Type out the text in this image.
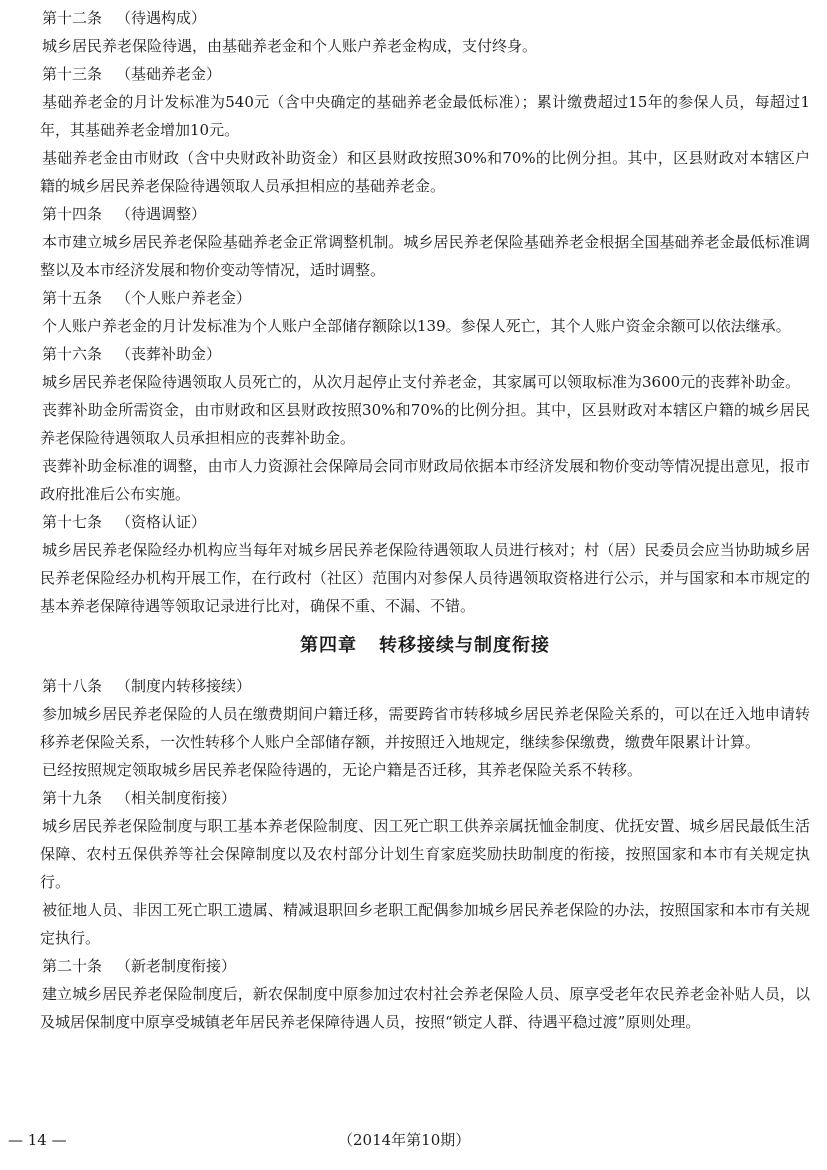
第十二条 （待遇构成）

城乡居民养老保险待遇，由基础养老金和个人账户养老金构成，支付终身。

第十三条 （基础养老金）

基础养老金的月计发标准为540元（含中央确定的基础养老金最低标准）；累计缴费超过15年的参保人员，每超过1年，其基础养老金增加10元。

基础养老金由市财政（含中央财政补助资金）和区县财政按照30%和70%的比例分担。其中，区县财政对本辖区户籍的城乡居民养老保险待遇领取人员承担相应的基础养老金。

第十四条 （待遇调整）

本市建立城乡居民养老保险基础养老金正常调整机制。城乡居民养老保险基础养老金根据全国基础养老金最低标准调整以及本市经济发展和物价变动等情况，适时调整。

第十五条 （个人账户养老金）

个人账户养老金的月计发标准为个人账户全部储存额除以139。参保人死亡，其个人账户资金余额可以依法继承。

第十六条 （丧葬补助金）

城乡居民养老保险待遇领取人员死亡的，从次月起停止支付养老金，其家属可以领取标准为3600元的丧葬补助金。

丧葬补助金所需资金，由市财政和区县财政按照30%和70%的比例分担。其中，区县财政对本辖区户籍的城乡居民养老保险待遇领取人员承担相应的丧葬补助金。

丧葬补助金标准的调整，由市人力资源社会保障局会同市财政局依据本市经济发展和物价变动等情况提出意见，报市政府批准后公布实施。

第十七条 （资格认证）

城乡居民养老保险经办机构应当每年对城乡居民养老保险待遇领取人员进行核对；村（居）民委员会应当协助城乡居民养老保险经办机构开展工作，在行政村（社区）范围内对参保人员待遇领取资格进行公示，并与国家和本市规定的基本养老保障待遇等领取记录进行比对，确保不重、不漏、不错。

第四章 转移接续与制度衔接
第十八条 （制度内转移接续）

参加城乡居民养老保险的人员在缴费期间户籍迁移，需要跨省市转移城乡居民养老保险关系的，可以在迁入地申请转移养老保险关系，一次性转移个人账户全部储存额，并按照迁入地规定，继续参保缴费，缴费年限累计计算。

已经按照规定领取城乡居民养老保险待遇的，无论户籍是否迁移，其养老保险关系不转移。

第十九条 （相关制度衔接）

城乡居民养老保险制度与职工基本养老保险制度、因工死亡职工供养亲属抚恤金制度、优抚安置、城乡居民最低生活保障、农村五保供养等社会保障制度以及农村部分计划生育家庭奖励扶助制度的衔接，按照国家和本市有关规定执行。

被征地人员、非因工死亡职工遗属、精减退职回乡老职工配偶参加城乡居民养老保险的办法，按照国家和本市有关规定执行。

第二十条 （新老制度衔接）

建立城乡居民养老保险制度后，新农保制度中原参加过农村社会养老保险人员、原享受老年农民养老金补贴人员，以及城居保制度中原享受城镇老年居民养老保障待遇人员，按照“锁定人群、待遇平稳过渡”原则处理。

— 14 —	（2014年第10期）
